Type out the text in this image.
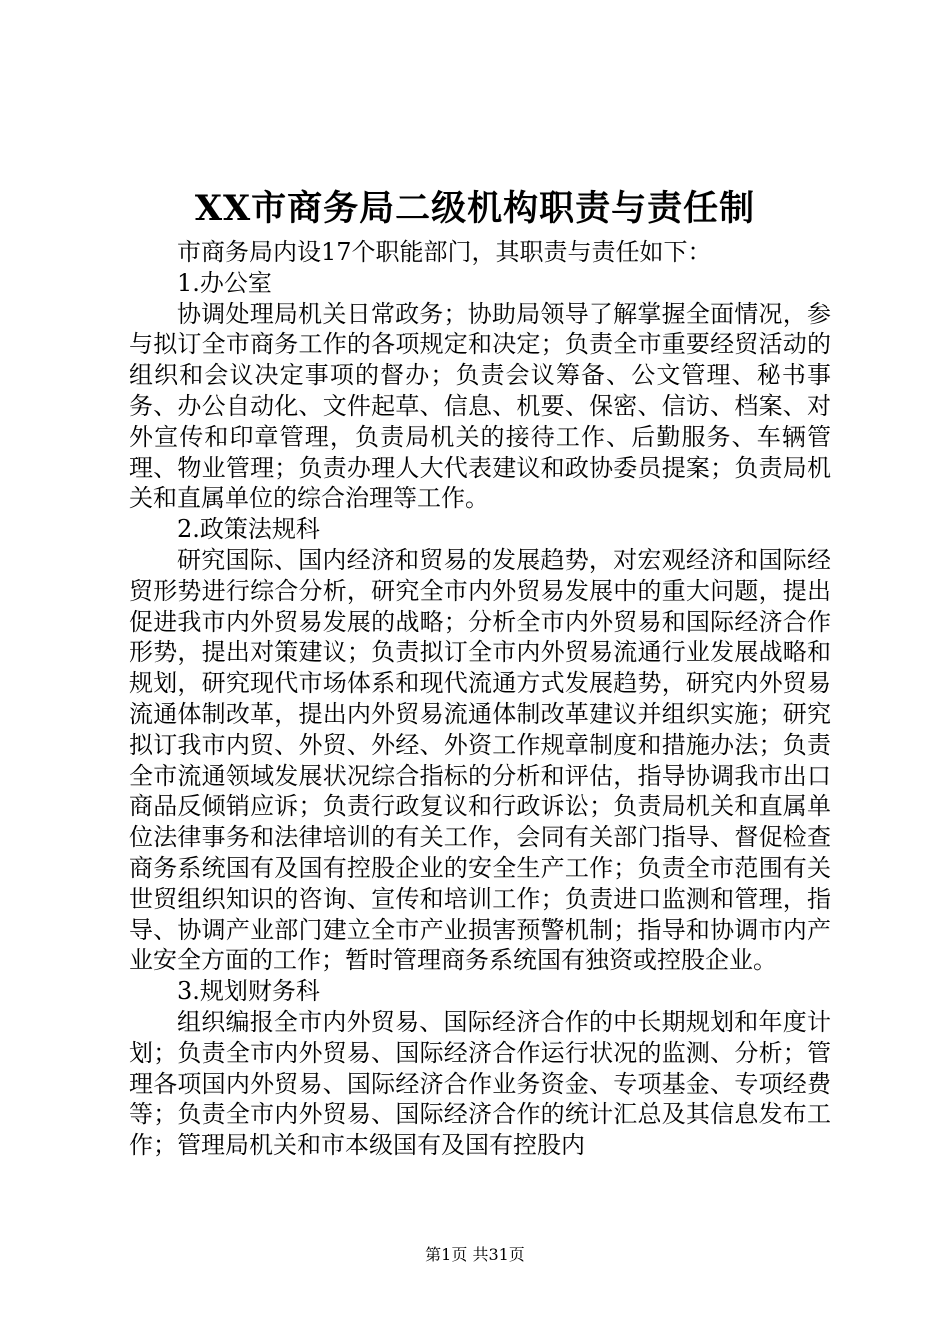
XX市商务局二级机构职责与责任制

市商务局内设17个职能部门，其职责与责任如下：

1.办公室

协调处理局机关日常政务；协助局领导了解掌握全面情况，参与拟订全市商务工作的各项规定和决定；负责全市重要经贸活动的组织和会议决定事项的督办；负责会议筹备、公文管理、秘书事务、办公自动化、文件起草、信息、机要、保密、信访、档案、对外宣传和印章管理，负责局机关的接待工作、后勤服务、车辆管理、物业管理；负责办理人大代表建议和政协委员提案；负责局机关和直属单位的综合治理等工作。

2.政策法规科

研究国际、国内经济和贸易的发展趋势，对宏观经济和国际经贸形势进行综合分析，研究全市内外贸易发展中的重大问题，提出促进我市内外贸易发展的战略；分析全市内外贸易和国际经济合作形势，提出对策建议；负责拟订全市内外贸易流通行业发展战略和规划，研究现代市场体系和现代流通方式发展趋势，研究内外贸易流通体制改革，提出内外贸易流通体制改革建议并组织实施；研究拟订我市内贸、外贸、外经、外资工作规章制度和措施办法；负责全市流通领域发展状况综合指标的分析和评估，指导协调我市出口商品反倾销应诉；负责行政复议和行政诉讼；负责局机关和直属单位法律事务和法律培训的有关工作，会同有关部门指导、督促检查商务系统国有及国有控股企业的安全生产工作；负责全市范围有关世贸组织知识的咨询、宣传和培训工作；负责进口监测和管理，指导、协调产业部门建立全市产业损害预警机制；指导和协调市内产业安全方面的工作；暂时管理商务系统国有独资或控股企业。

3.规划财务科

组织编报全市内外贸易、国际经济合作的中长期规划和年度计划；负责全市内外贸易、国际经济合作运行状况的监测、分析；管理各项国内外贸易、国际经济合作业务资金、专项基金、专项经费等；负责全市内外贸易、国际经济合作的统计汇总及其信息发布工作；管理局机关和市本级国有及国有控股内

第1页 共31页
